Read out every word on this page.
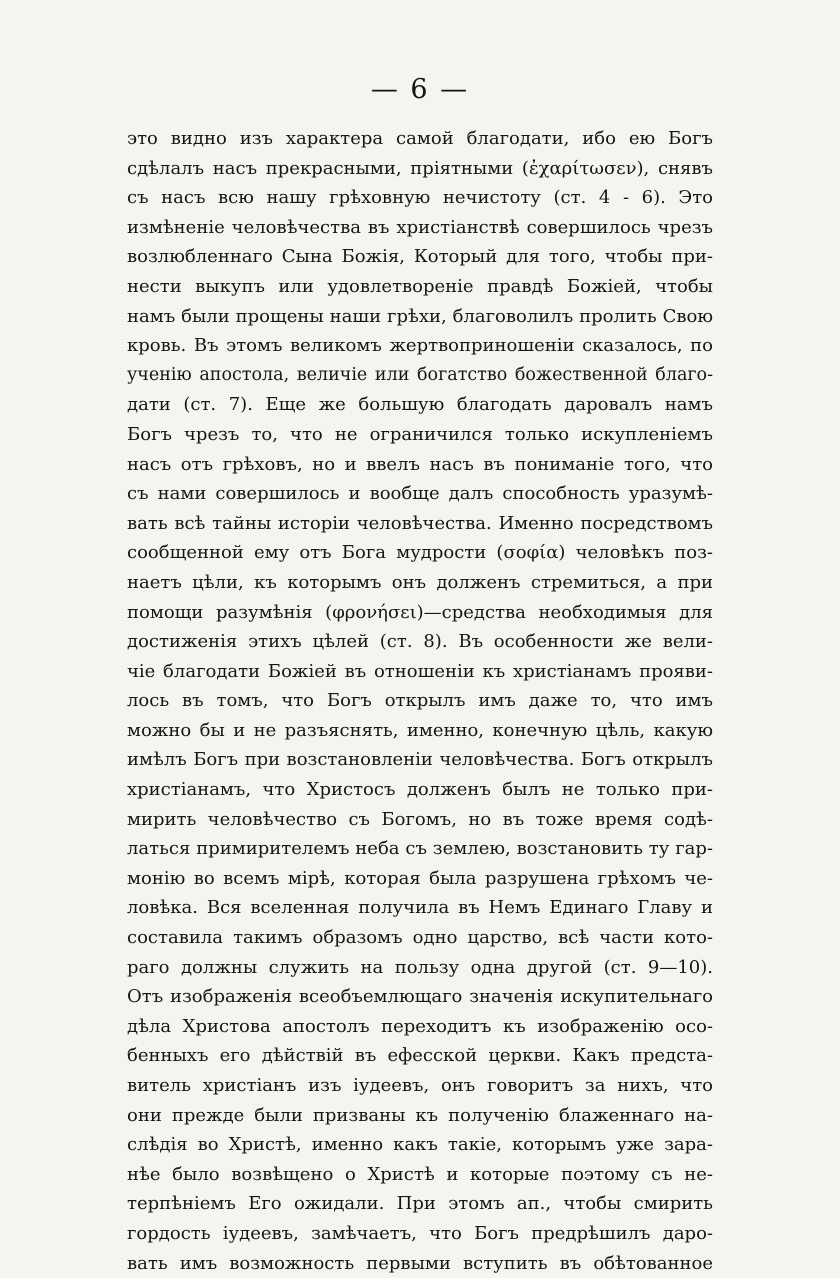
— 6 —
это видно изъ характера самой благодати, ибо ею Богъ
сдѣлалъ насъ прекрасными, прiятными (ἐχαρίτωσεν), снявъ
съ насъ всю нашу грѣховную нечистоту (ст. 4 - 6). Это
измѣненiе человѣчества въ христiанствѣ совершилось чрезъ
возлюбленнаго Сына Божiя, Который для того, чтобы при-
нести выкупъ или удовлетворенiе правдѣ Божiей, чтобы
намъ были прощены наши грѣхи, благоволилъ пролить Свою
кровь. Въ этомъ великомъ жертвоприношенiи сказалось, по
ученiю апостола, величiе или богатство божественной благо-
дати (ст. 7). Еще же большую благодать даровалъ намъ
Богъ чрезъ то, что не ограничился только искупленiемъ
насъ отъ грѣховъ, но и ввелъ насъ въ пониманiе того, что
съ нами совершилось и вообще далъ способность уразумѣ-
вать всѣ тайны исторiи человѣчества. Именно посредствомъ
сообщенной ему отъ Бога мудрости (σοφία) человѣкъ поз-
наетъ цѣли, къ которымъ онъ долженъ стремиться, а при
помощи разумѣнiя (φρονήσει)—средства необходимыя для
достиженiя этихъ цѣлей (ст. 8). Въ особенности же вели-
чiе благодати Божiей въ отношенiи къ христiанамъ прояви-
лось въ томъ, что Богъ открылъ имъ даже то, что имъ
можно бы и не разъяснять, именно, конечную цѣль, какую
имѣлъ Богъ при возстановленiи человѣчества. Богъ открылъ
христiанамъ, что Христосъ долженъ былъ не только при-
мирить человѣчество съ Богомъ, но въ тоже время содѣ-
латься примирителемъ неба съ землею, возстановить ту гар-
монiю во всемъ мiрѣ, которая была разрушена грѣхомъ че-
ловѣка. Вся вселенная получила въ Немъ Единаго Главу и
составила такимъ образомъ одно царство, всѣ части кото-
раго должны служить на пользу одна другой (ст. 9—10).
Отъ изображенiя всеобъемлющаго значенiя искупительнаго
дѣла Христова апостолъ переходитъ къ изображенiю осо-
бенныхъ его дѣйствiй въ ефесской церкви. Какъ предста-
витель христiанъ изъ iудеевъ, онъ говоритъ за нихъ, что
они прежде были призваны къ полученiю блаженнаго на-
слѣдiя во Христѣ, именно какъ такiе, которымъ уже зара-
нѣе было возвѣщено о Христѣ и которые поэтому съ не-
терпѣнiемъ Его ожидали. При этомъ ап., чтобы смирить
гордость iудеевъ, замѣчаетъ, что Богъ предрѣшилъ даро-
вать имъ возможность первыми вступить въ обѣтованное
